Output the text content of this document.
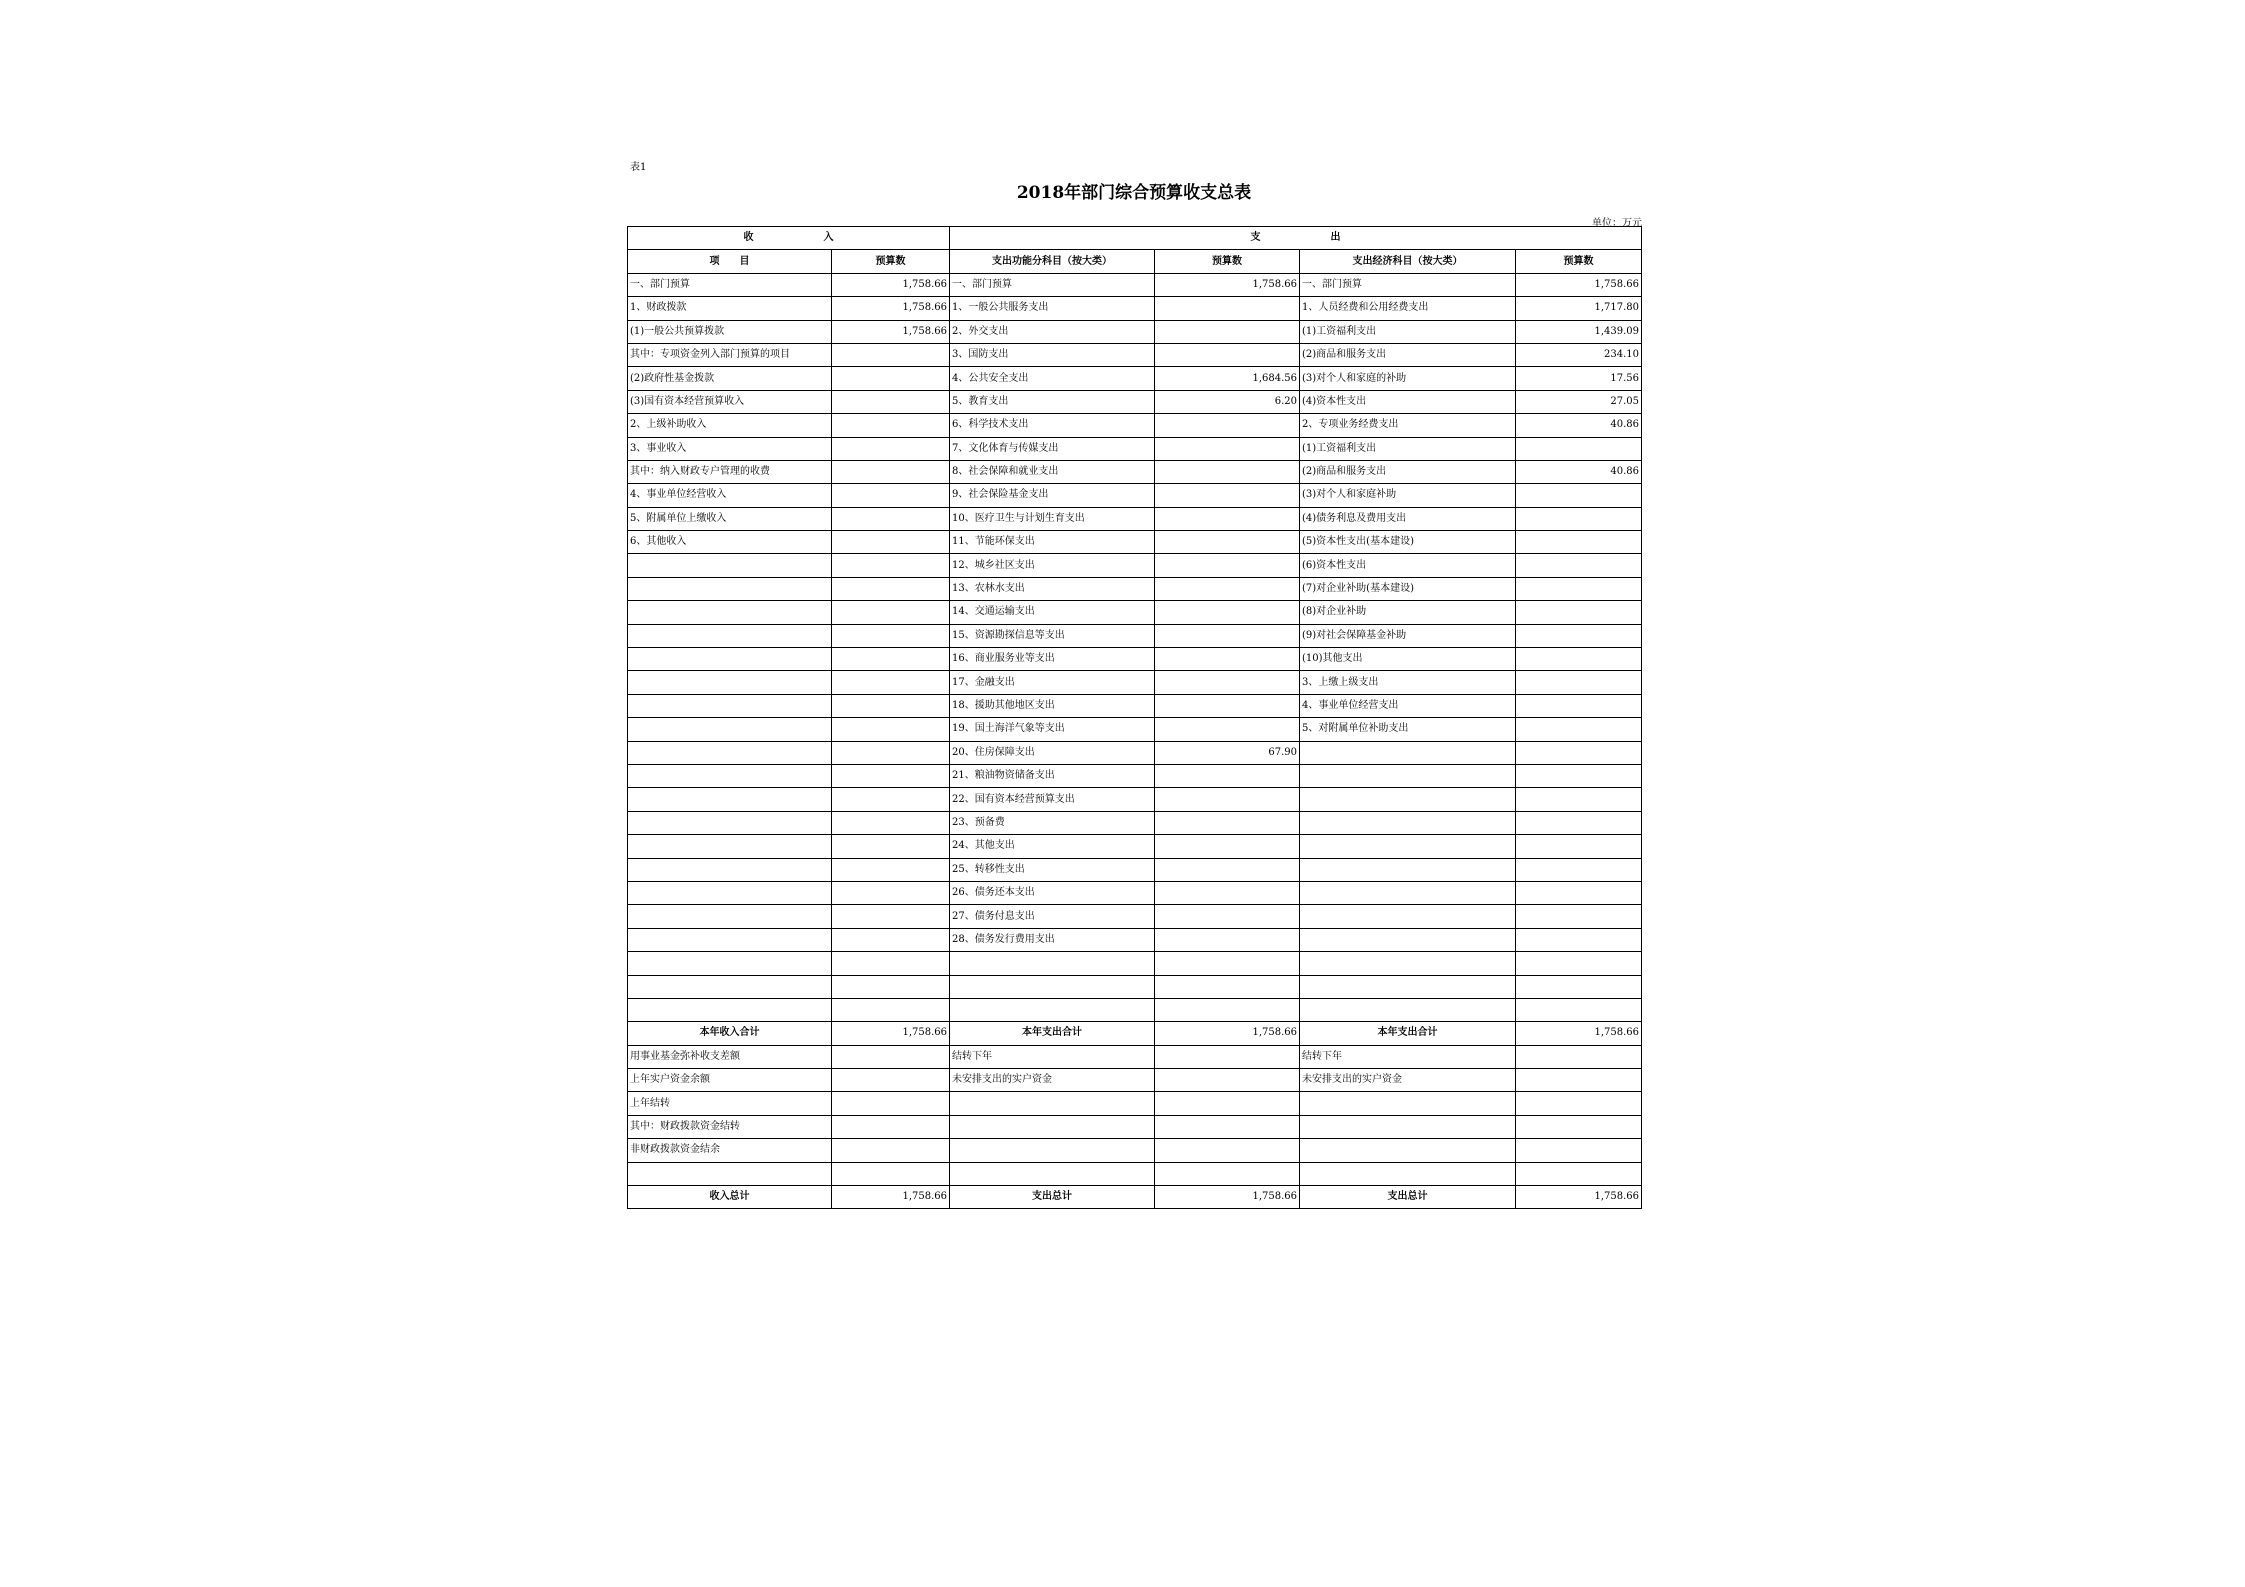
表1
2018年部门综合预算收支总表
单位：万元
收　　　　　　　入		支　　　　　　　出			
项　　目	预算数	支出功能分科目（按大类）	预算数	支出经济科目（按大类）	预算数
一、部门预算	1,758.66	一、部门预算	1,758.66	一、部门预算	1,758.66
1、财政拨款	1,758.66	1、一般公共服务支出		1、人员经费和公用经费支出	1,717.80
(1)一般公共预算拨款	1,758.66	2、外交支出		(1)工资福利支出	1,439.09
其中：专项资金列入部门预算的项目		3、国防支出		(2)商品和服务支出	234.10
(2)政府性基金拨款		4、公共安全支出	1,684.56	(3)对个人和家庭的补助	17.56
(3)国有资本经营预算收入		5、教育支出	6.20	(4)资本性支出	27.05
2、上级补助收入		6、科学技术支出		2、专项业务经费支出	40.86
3、事业收入		7、文化体育与传媒支出		(1)工资福利支出	
其中：纳入财政专户管理的收费		8、社会保障和就业支出		(2)商品和服务支出	40.86
4、事业单位经营收入		9、社会保险基金支出		(3)对个人和家庭补助	
5、附属单位上缴收入		10、医疗卫生与计划生育支出		(4)债务利息及费用支出	
6、其他收入		11、节能环保支出		(5)资本性支出(基本建设)	
		12、城乡社区支出		(6)资本性支出	
		13、农林水支出		(7)对企业补助(基本建设)	
		14、交通运输支出		(8)对企业补助	
		15、资源勘探信息等支出		(9)对社会保障基金补助	
		16、商业服务业等支出		(10)其他支出	
		17、金融支出		3、上缴上级支出	
		18、援助其他地区支出		4、事业单位经营支出	
		19、国土海洋气象等支出		5、对附属单位补助支出	
		20、住房保障支出	67.90		
		21、粮油物资储备支出			
		22、国有资本经营预算支出			
		23、预备费			
		24、其他支出			
		25、转移性支出			
		26、债务还本支出			
		27、债务付息支出			
		28、债务发行费用支出			

本年收入合计	1,758.66	本年支出合计	1,758.66	本年支出合计	1,758.66
用事业基金弥补收支差额		结转下年		结转下年	
上年实户资金余额		未安排支出的实户资金		未安排支出的实户资金	
上年结转					
其中：财政拨款资金结转					
非财政拨款资金结余					

收入总计	1,758.66	支出总计	1,758.66	支出总计	1,758.66
